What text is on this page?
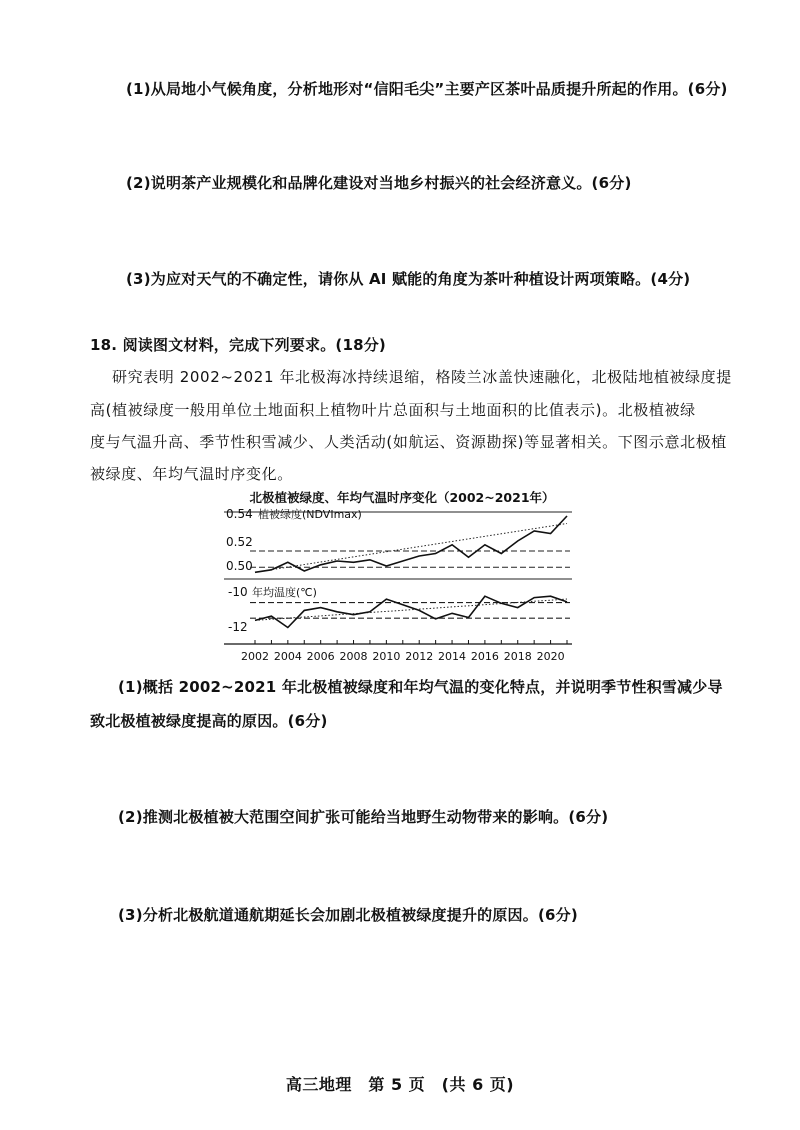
(1)从局地小气候角度，分析地形对“信阳毛尖”主要产区茶叶品质提升所起的作用。(6分)
(2)说明茶产业规模化和品牌化建设对当地乡村振兴的社会经济意义。(6分)
(3)为应对天气的不确定性，请你从 AI 赋能的角度为茶叶种植设计两项策略。(4分)
18. 阅读图文材料，完成下列要求。(18分)
研究表明 2002~2021 年北极海冰持续退缩，格陵兰冰盖快速融化，北极陆地植被绿度提
高(植被绿度一般用单位土地面积上植物叶片总面积与土地面积的比值表示)。北极植被绿
度与气温升高、季节性积雪减少、人类活动(如航运、资源勘探)等显著相关。下图示意北极植
被绿度、年均气温时序变化。
北极植被绿度、年均气温时序变化（2002~2021年）
0.54
0.52
0.50
植被绿度(NDVImax)
-10
-12
年均温度(℃)
2002 2004 2006 2008 2010 2012 2014 2016 2018 2020
(1)概括 2002~2021 年北极植被绿度和年均气温的变化特点，并说明季节性积雪减少导
致北极植被绿度提高的原因。(6分)
(2)推测北极植被大范围空间扩张可能给当地野生动物带来的影响。(6分)
(3)分析北极航道通航期延长会加剧北极植被绿度提升的原因。(6分)
高三地理　第 5 页　(共 6 页)
